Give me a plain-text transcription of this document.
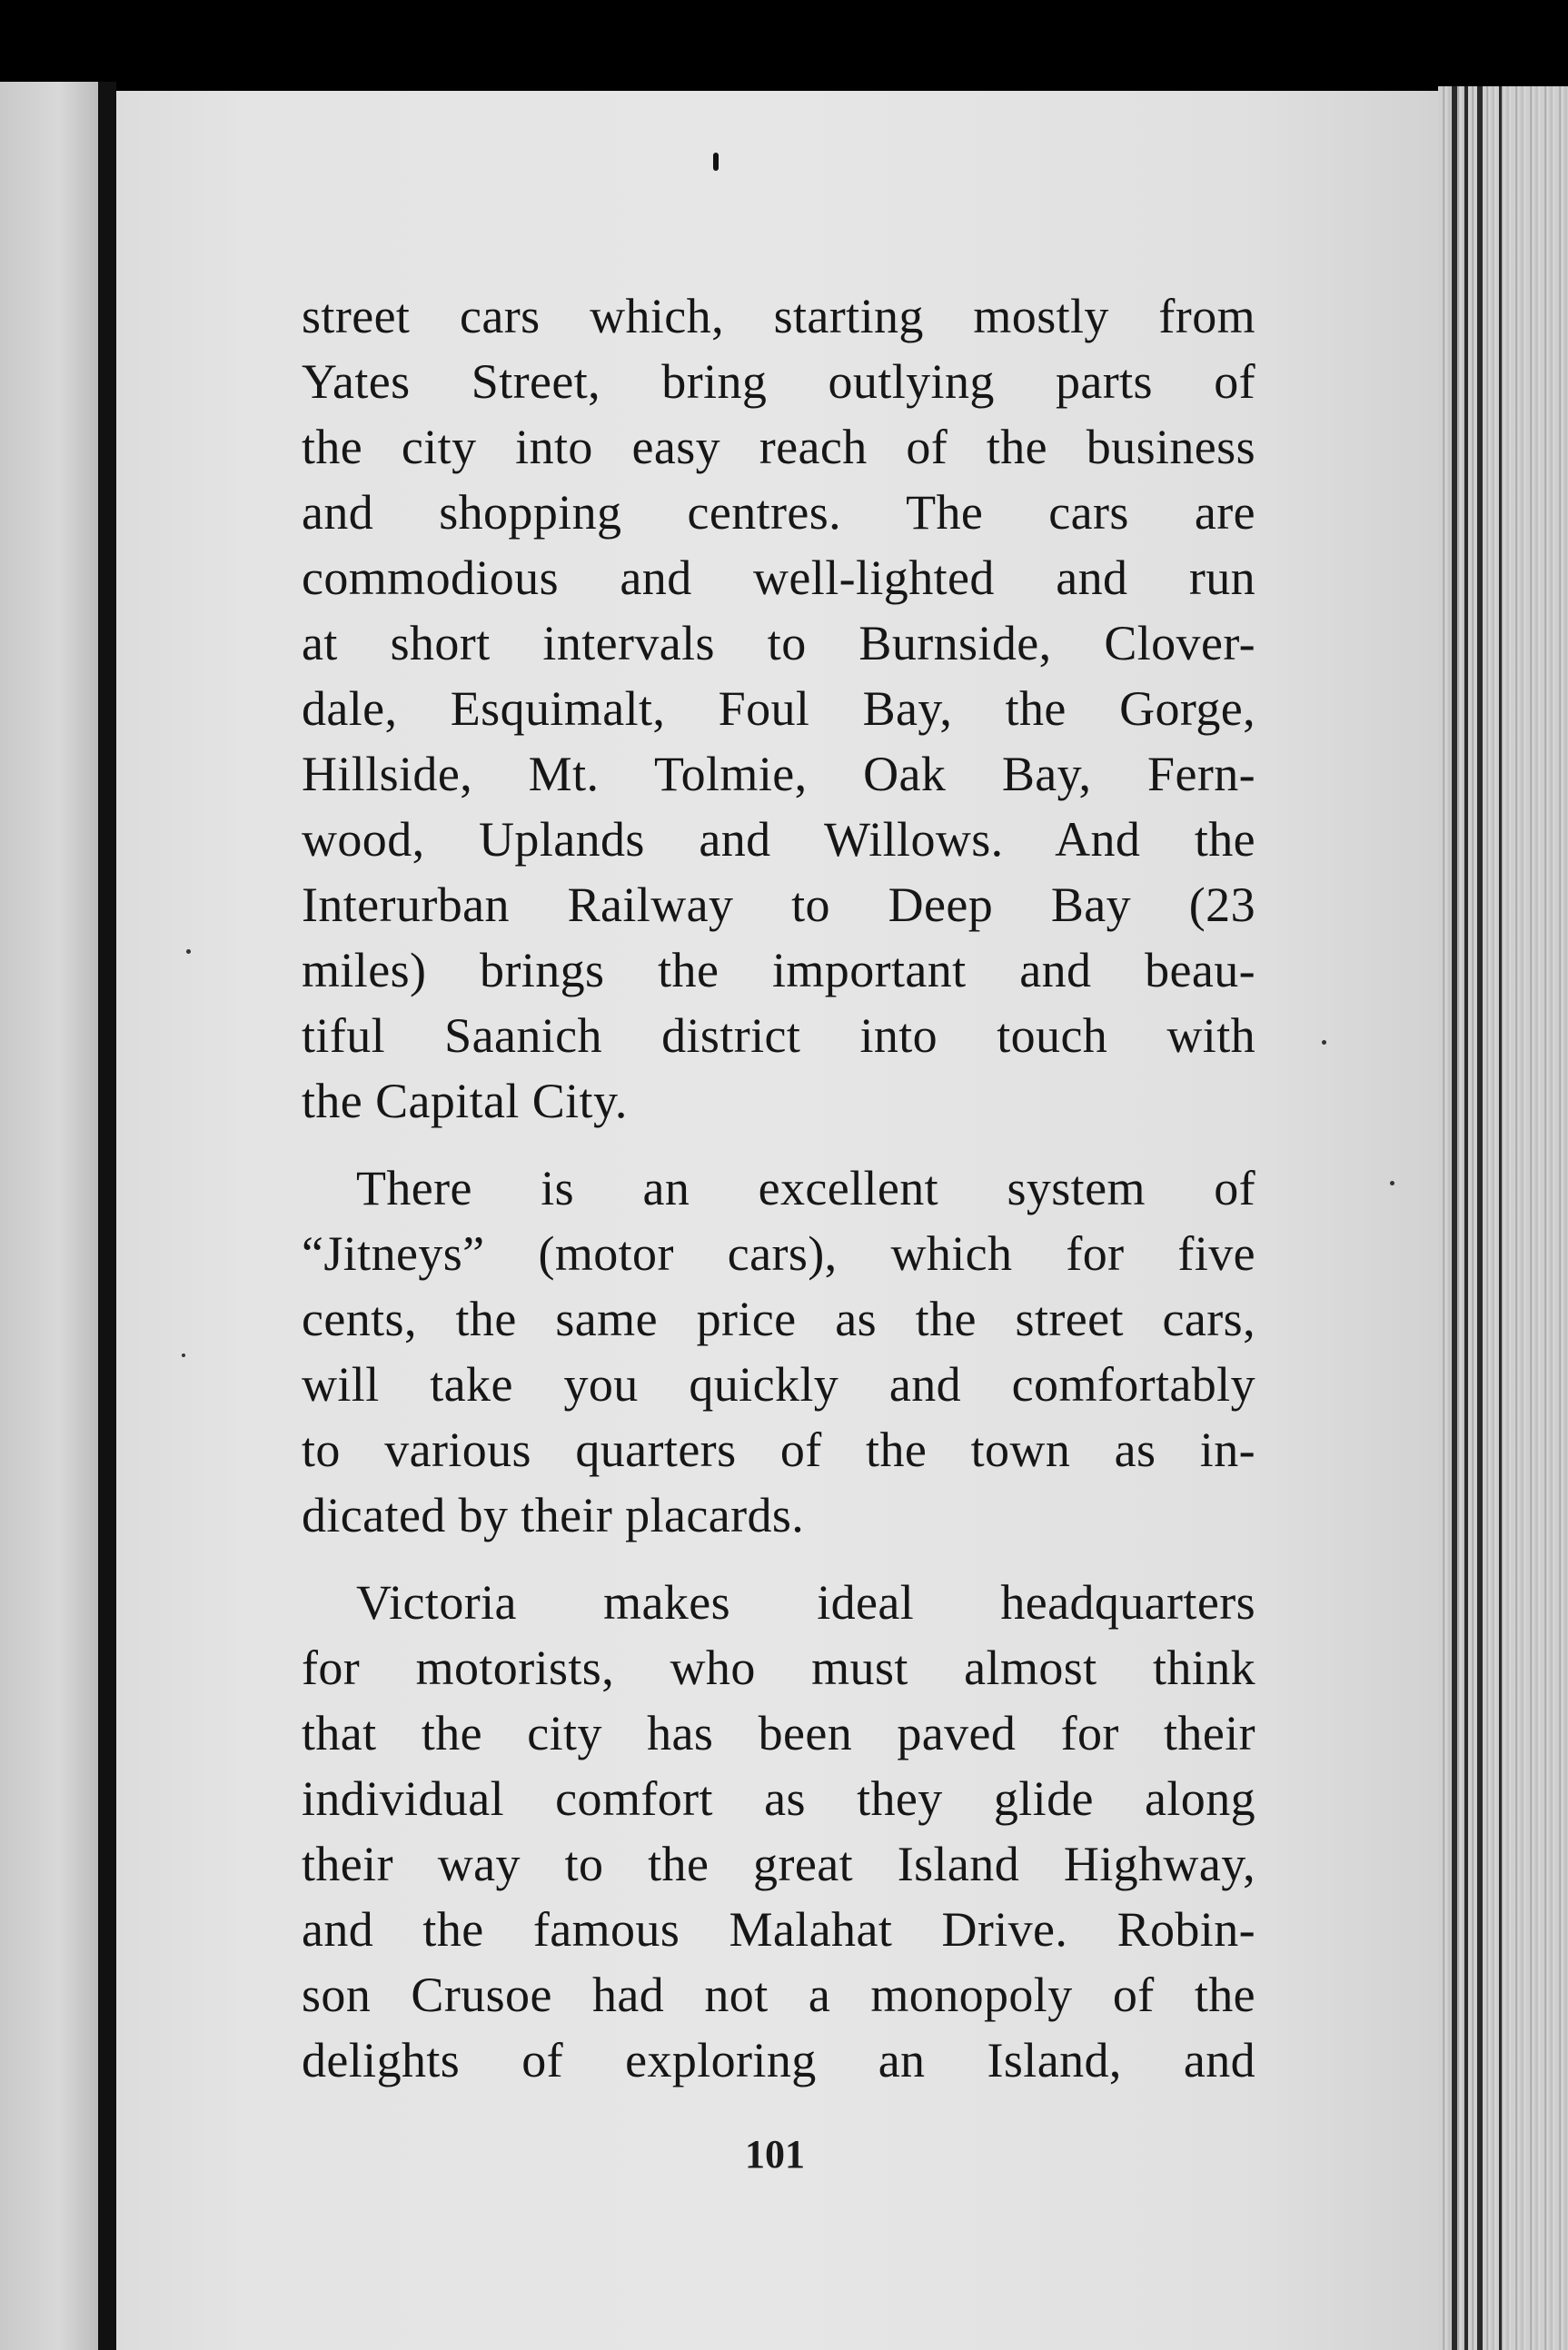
street cars which, starting mostly from
Yates Street, bring outlying parts of
the city into easy reach of the business
and shopping centres. The cars are
commodious and well-lighted and run
at short intervals to Burnside, Clover-
dale, Esquimalt, Foul Bay, the Gorge,
Hillside, Mt. Tolmie, Oak Bay, Fern-
wood, Uplands and Willows. And the
Interurban Railway to Deep Bay (23
miles) brings the important and beau-
tiful Saanich district into touch with
the Capital City.

There is an excellent system of
“Jitneys” (motor cars), which for five
cents, the same price as the street cars,
will take you quickly and comfortably
to various quarters of the town as in-
dicated by their placards.

Victoria makes ideal headquarters
for motorists, who must almost think
that the city has been paved for their
individual comfort as they glide along
their way to the great Island Highway,
and the famous Malahat Drive. Robin-
son Crusoe had not a monopoly of the
delights of exploring an Island, and

101
